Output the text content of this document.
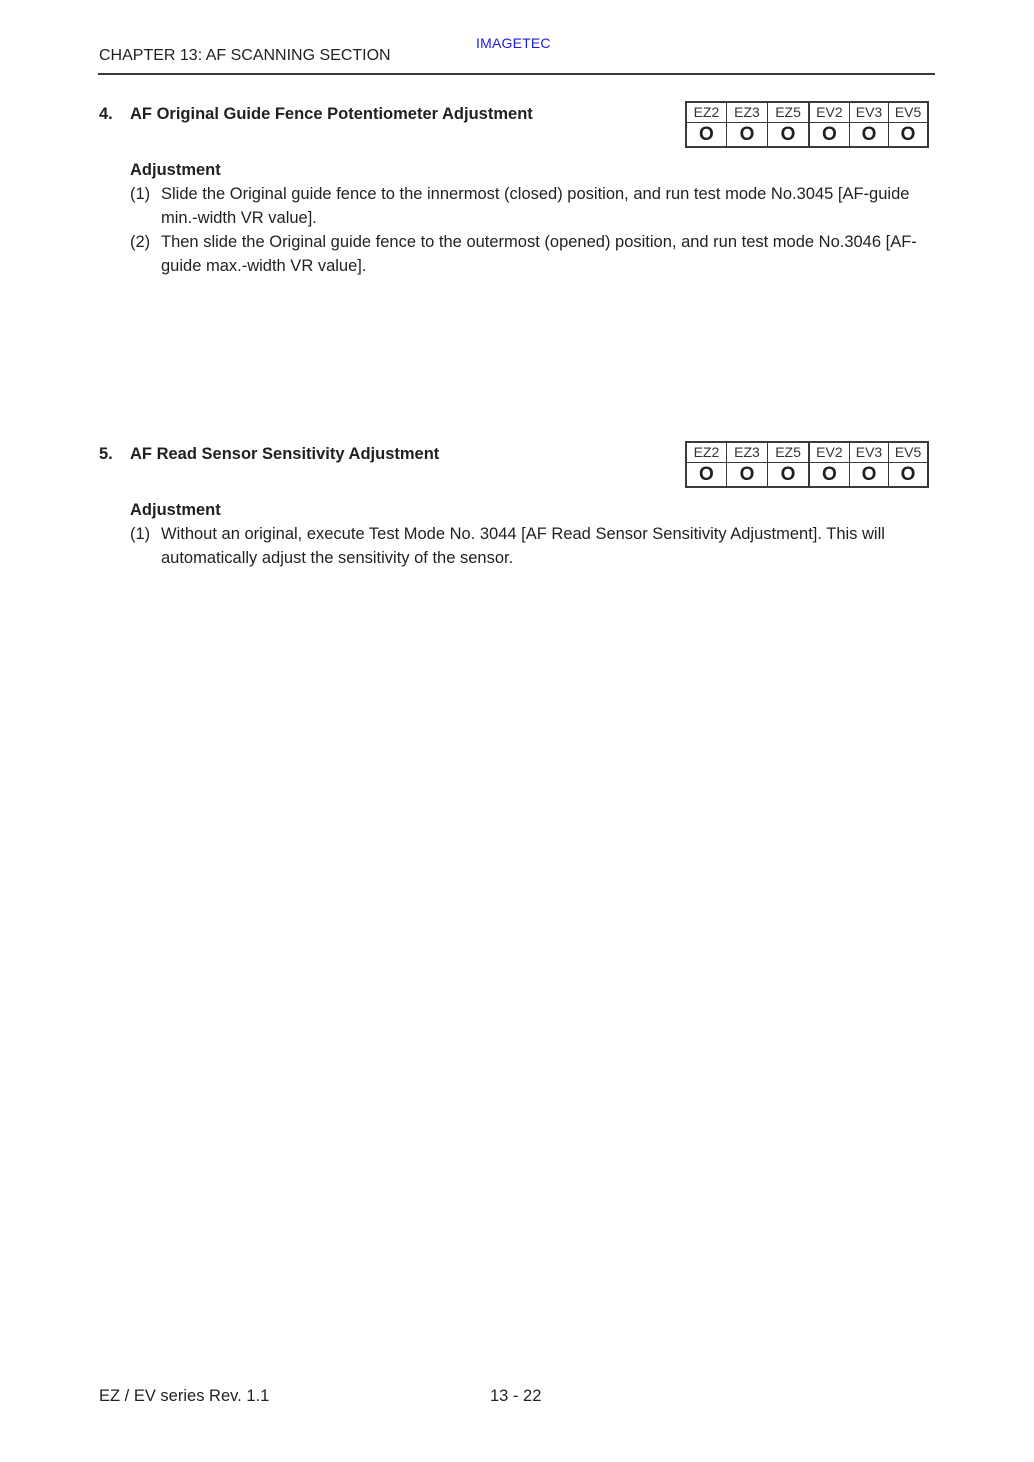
IMAGETEC
CHAPTER 13: AF SCANNING SECTION
4. AF Original Guide Fence Potentiometer Adjustment	EZ2	EZ3	EZ5	EV2	EV3	EV5
O	O	O	O	O	O
Adjustment
(1) Slide the Original guide fence to the innermost (closed) position, and run test mode No.3045 [AF-guide min.-width VR value].
(2) Then slide the Original guide fence to the outermost (opened) position, and run test mode No.3046 [AF-guide max.-width VR value].
5. AF Read Sensor Sensitivity Adjustment	EZ2	EZ3	EZ5	EV2	EV3	EV5
O	O	O	O	O	O
Adjustment
(1) Without an original, execute Test Mode No. 3044 [AF Read Sensor Sensitivity Adjustment]. This will automatically adjust the sensitivity of the sensor.
EZ / EV series Rev. 1.1	13 - 22
